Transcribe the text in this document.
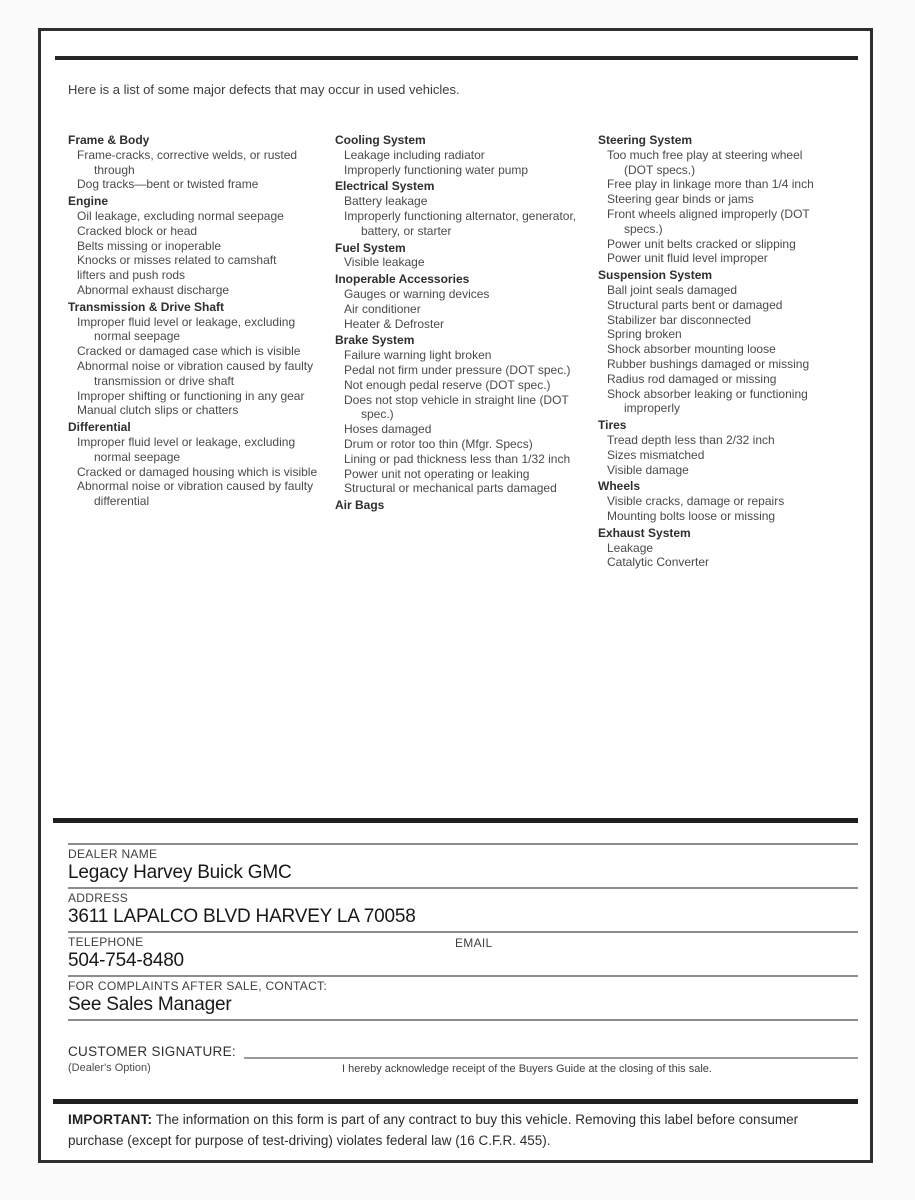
Here is a list of some major defects that may occur in used vehicles.

Frame & Body

Frame-cracks, corrective welds, or rusted through

Dog tracks—bent or twisted frame

Engine

Oil leakage, excluding normal seepage

Cracked block or head

Belts missing or inoperable

Knocks or misses related to camshaft

lifters and push rods

Abnormal exhaust discharge

Transmission & Drive Shaft

Improper fluid level or leakage, excluding normal seepage

Cracked or damaged case which is visible

Abnormal noise or vibration caused by faulty transmission or drive shaft

Improper shifting or functioning in any gear

Manual clutch slips or chatters

Differential

Improper fluid level or leakage, excluding normal seepage

Cracked or damaged housing which is visible

Abnormal noise or vibration caused by faulty differential

Cooling System

Leakage including radiator

Improperly functioning water pump

Electrical System

Battery leakage

Improperly functioning alternator, generator, battery, or starter

Fuel System

Visible leakage

Inoperable Accessories

Gauges or warning devices

Air conditioner

Heater & Defroster

Brake System

Failure warning light broken

Pedal not firm under pressure (DOT spec.)

Not enough pedal reserve (DOT spec.)

Does not stop vehicle in straight line (DOT spec.)

Hoses damaged

Drum or rotor too thin (Mfgr. Specs)

Lining or pad thickness less than 1/32 inch

Power unit not operating or leaking

Structural or mechanical parts damaged

Air Bags
Steering System

Too much free play at steering wheel (DOT specs.)

Free play in linkage more than 1/4 inch

Steering gear binds or jams

Front wheels aligned improperly (DOT specs.)

Power unit belts cracked or slipping

Power unit fluid level improper

Suspension System

Ball joint seals damaged

Structural parts bent or damaged

Stabilizer bar disconnected

Spring broken

Shock absorber mounting loose

Rubber bushings damaged or missing

Radius rod damaged or missing

Shock absorber leaking or functioning improperly

Tires

Tread depth less than 2/32 inch

Sizes mismatched

Visible damage

Wheels

Visible cracks, damage or repairs

Mounting bolts loose or missing

Exhaust System

Leakage

Catalytic Converter

DEALER NAME
Legacy Harvey Buick GMC
ADDRESS
3611 LAPALCO BLVD HARVEY LA 70058
TELEPHONE	EMAIL
504-754-8480
FOR COMPLAINTS AFTER SALE, CONTACT:
See Sales Manager
CUSTOMER SIGNATURE:
(Dealer's Option)	I hereby acknowledge receipt of the Buyers Guide at the closing of this sale.

IMPORTANT: The information on this form is part of any contract to buy this vehicle. Removing this label before consumer purchase (except for purpose of test-driving) violates federal law (16 C.F.R. 455).
